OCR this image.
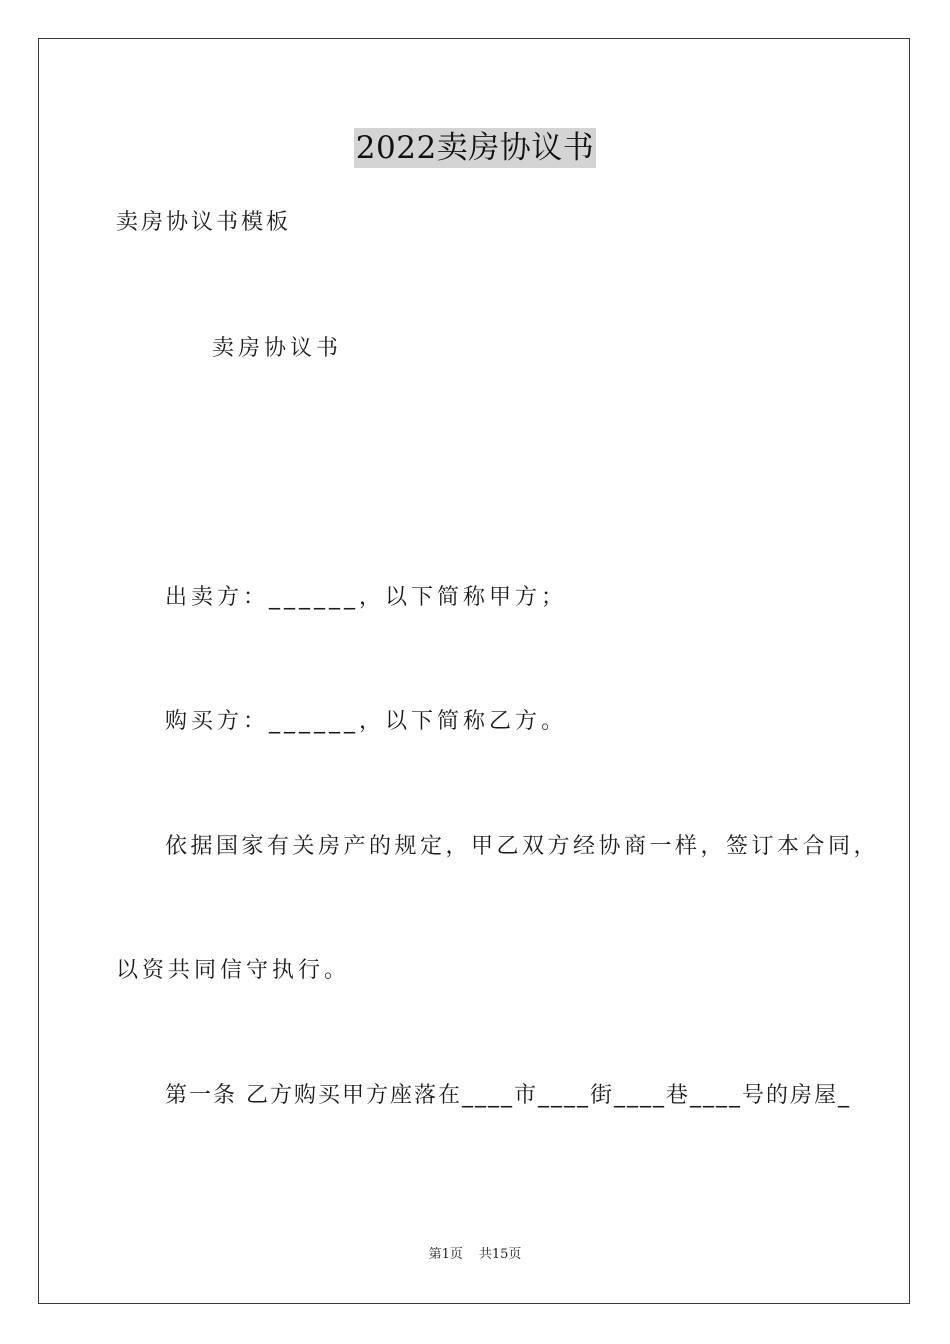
2022卖房协议书
卖房协议书模板
卖房协议书
出卖方：______，以下简称甲方；
购买方：______，以下简称乙方。
依据国家有关房产的规定，甲乙双方经协商一样，签订本合同，
以资共同信守执行。
第一条 乙方购买甲方座落在____市____街____巷____号的房屋_
第1页 共15页
